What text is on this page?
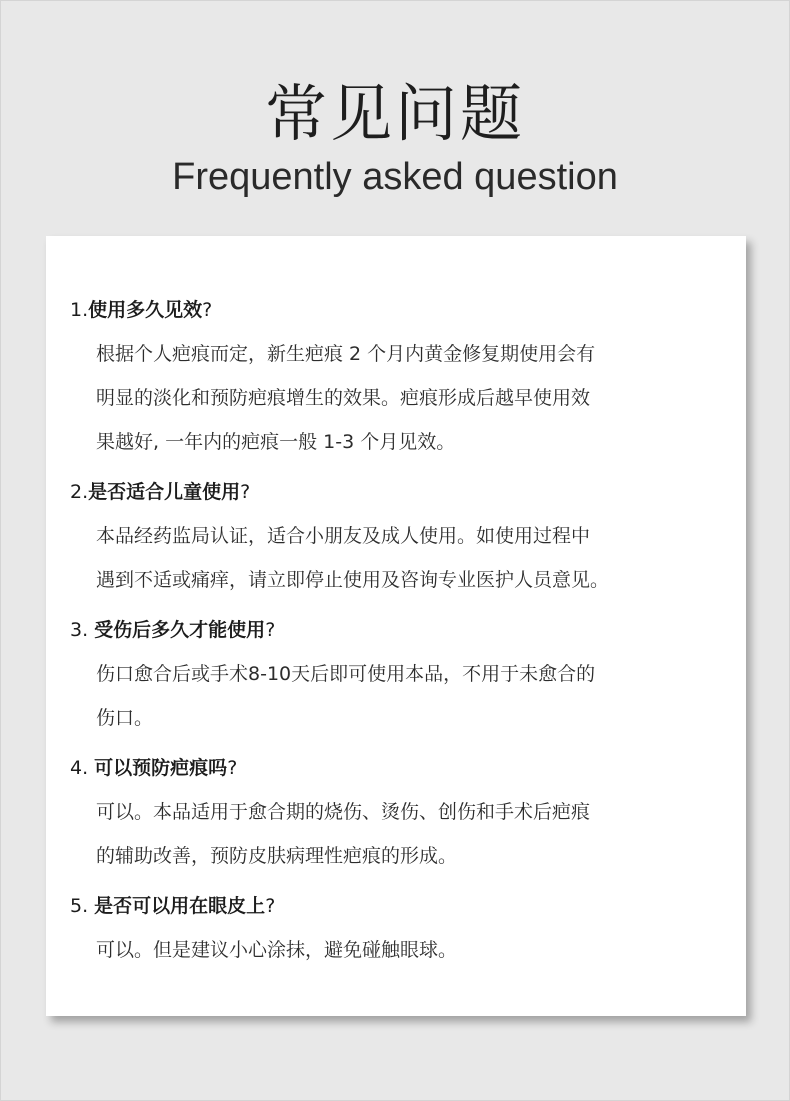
常见问题
Frequently asked question
1.使用多久见效?
根据个人疤痕而定，新生疤痕 2 个月内黄金修复期使用会有
明显的淡化和预防疤痕增生的效果。疤痕形成后越早使用效
果越好, 一年内的疤痕一般 1-3 个月见效。
2.是否适合儿童使用?
本品经药监局认证，适合小朋友及成人使用。如使用过程中
遇到不适或痛痒，请立即停止使用及咨询专业医护人员意见。
3. 受伤后多久才能使用?
伤口愈合后或手术8-10天后即可使用本品，不用于未愈合的
伤口。
4. 可以预防疤痕吗?
可以。本品适用于愈合期的烧伤、烫伤、创伤和手术后疤痕
的辅助改善，预防皮肤病理性疤痕的形成。
5. 是否可以用在眼皮上?
可以。但是建议小心涂抹，避免碰触眼球。
